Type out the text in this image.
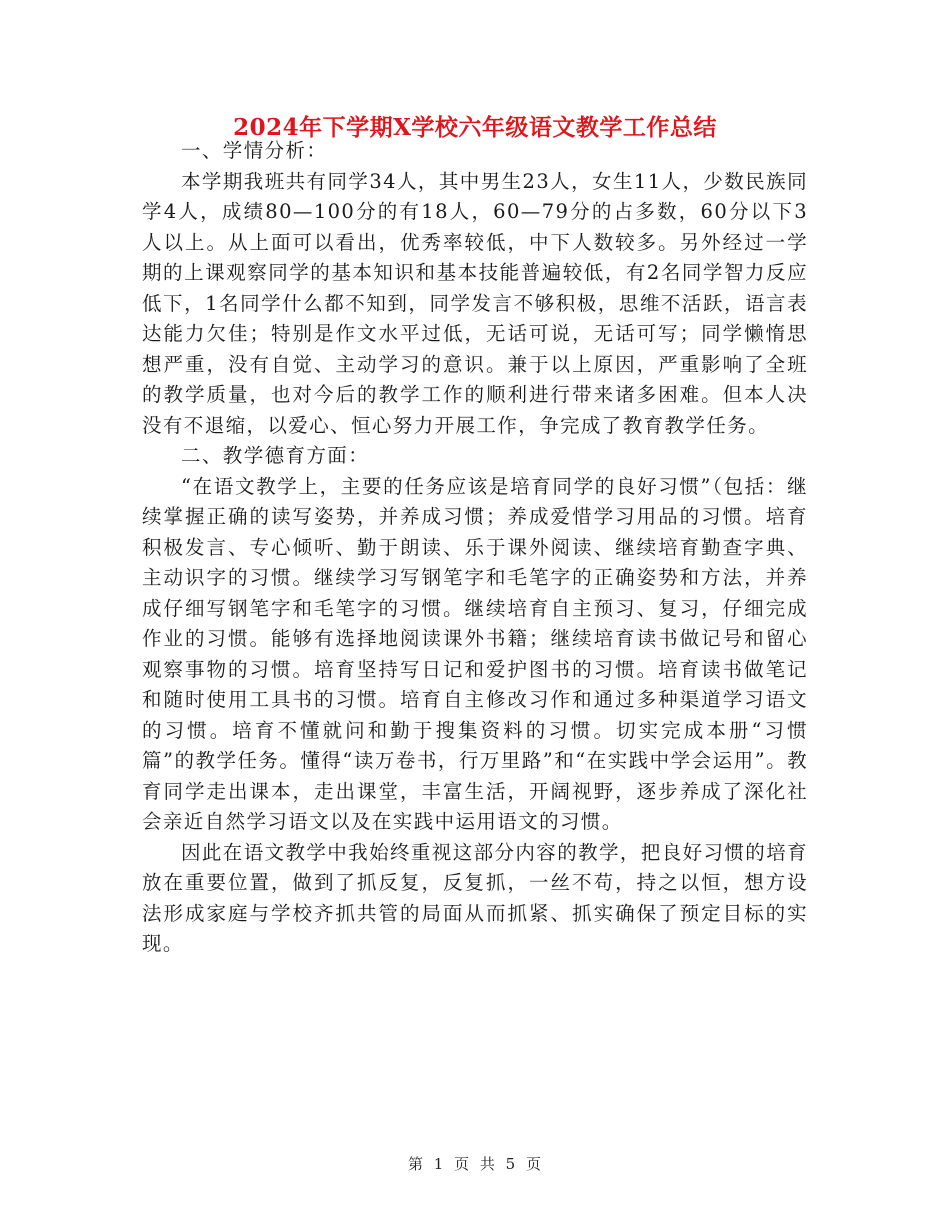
2024年下学期X学校六年级语文教学工作总结

一、学情分析：

本学期我班共有同学34人，其中男生23人，女生11人，少数民族同学4人，成绩80—100分的有18人，60—79分的占多数，60分以下3人以上。从上面可以看出，优秀率较低，中下人数较多。另外经过一学期的上课观察同学的基本知识和基本技能普遍较低，有2名同学智力反应低下，1名同学什么都不知到，同学发言不够积极，思维不活跃，语言表达能力欠佳；特别是作文水平过低，无话可说，无话可写；同学懒惰思想严重，没有自觉、主动学习的意识。兼于以上原因，严重影响了全班的教学质量，也对今后的教学工作的顺利进行带来诸多困难。但本人决没有不退缩，以爱心、恒心努力开展工作，争完成了教育教学任务。

二、教学德育方面：

“在语文教学上，主要的任务应该是培育同学的良好习惯”（包括：继续掌握正确的读写姿势，并养成习惯；养成爱惜学习用品的习惯。培育积极发言、专心倾听、勤于朗读、乐于课外阅读、继续培育勤查字典、主动识字的习惯。继续学习写钢笔字和毛笔字的正确姿势和方法，并养成仔细写钢笔字和毛笔字的习惯。继续培育自主预习、复习，仔细完成作业的习惯。能够有选择地阅读课外书籍；继续培育读书做记号和留心观察事物的习惯。培育坚持写日记和爱护图书的习惯。培育读书做笔记和随时使用工具书的习惯。培育自主修改习作和通过多种渠道学习语文的习惯。培育不懂就问和勤于搜集资料的习惯。切实完成本册“习惯篇”的教学任务。懂得“读万卷书，行万里路”和“在实践中学会运用”。教育同学走出课本，走出课堂，丰富生活，开阔视野，逐步养成了深化社会亲近自然学习语文以及在实践中运用语文的习惯。

因此在语文教学中我始终重视这部分内容的教学，把良好习惯的培育放在重要位置，做到了抓反复，反复抓，一丝不苟，持之以恒，想方设法形成家庭与学校齐抓共管的局面从而抓紧、抓实确保了预定目标的实现。

第 1 页 共 5 页
